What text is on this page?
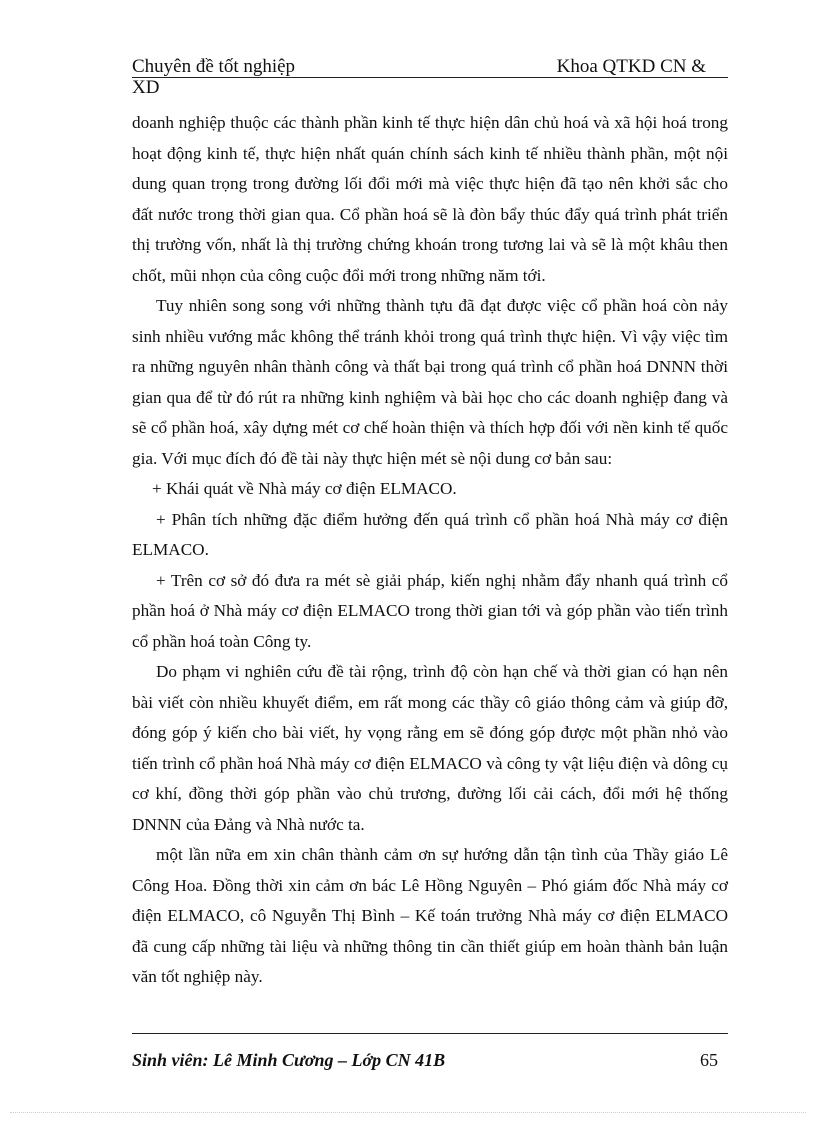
Chuyên đề tốt nghiệp	Khoa QTKD CN &
XD

doanh nghiệp thuộc các thành phần kinh tế thực hiện dân chủ hoá và xã hội hoá trong hoạt động kinh tế, thực hiện nhất quán chính sách kinh tế nhiều thành phần, một nội dung quan trọng trong đường lối đổi mới mà việc thực hiện đã tạo nên khởi sắc cho đất nước trong thời gian qua. Cổ phần hoá sẽ là đòn bẩy thúc đẩy quá trình phát triển thị trường vốn, nhất là thị trường chứng khoán trong tương lai và sẽ là một khâu then chốt, mũi nhọn của công cuộc đổi mới trong những năm tới.

Tuy nhiên song song với những thành tựu đã đạt được việc cổ phần hoá còn nảy sinh nhiều vướng mắc không thể tránh khỏi trong quá trình thực hiện. Vì vậy việc tìm ra những nguyên nhân thành công và thất bại trong quá trình cổ phần hoá DNNN thời gian qua để từ đó rút ra những kinh nghiệm và bài học cho các doanh nghiệp đang và sẽ cổ phần hoá, xây dựng mét cơ chế hoàn thiện và thích hợp đối với nền kinh tế quốc gia. Với mục đích đó đề tài này thực hiện mét sè nội dung cơ bản sau:

+ Khái quát về Nhà máy cơ điện ELMACO.

+ Phân tích những đặc điểm hưởng đến quá trình cổ phần hoá Nhà máy cơ điện ELMACO.

+ Trên cơ sở đó đưa ra mét sè giải pháp, kiến nghị nhằm đẩy nhanh quá trình cổ phần hoá ở Nhà máy cơ điện ELMACO trong thời gian tới và góp phần vào tiến trình cổ phần hoá toàn Công ty.

Do phạm vi nghiên cứu đề tài rộng, trình độ còn hạn chế và thời gian có hạn nên bài viết còn nhiều khuyết điểm, em rất mong các thầy cô giáo thông cảm và giúp đỡ, đóng góp ý kiến cho bài viết, hy vọng rằng em sẽ đóng góp được một phần nhỏ vào tiến trình cổ phần hoá Nhà máy cơ điện ELMACO và công ty vật liệu điện và dông cụ cơ khí, đồng thời góp phần vào chủ trương, đường lối cải cách, đổi mới hệ thống DNNN của Đảng và Nhà nước ta.

một lần nữa em xin chân thành cảm ơn sự hướng dẫn tận tình của Thầy giáo Lê Công Hoa. Đồng thời xin cảm ơn bác Lê Hồng Nguyên – Phó giám đốc Nhà máy cơ điện ELMACO, cô Nguyễn Thị Bình – Kế toán trưởng Nhà máy cơ điện ELMACO đã cung cấp những tài liệu và những thông tin cần thiết giúp em hoàn thành bản luận văn tốt nghiệp này.

Sinh viên: Lê Minh Cương – Lớp CN 41B	65
